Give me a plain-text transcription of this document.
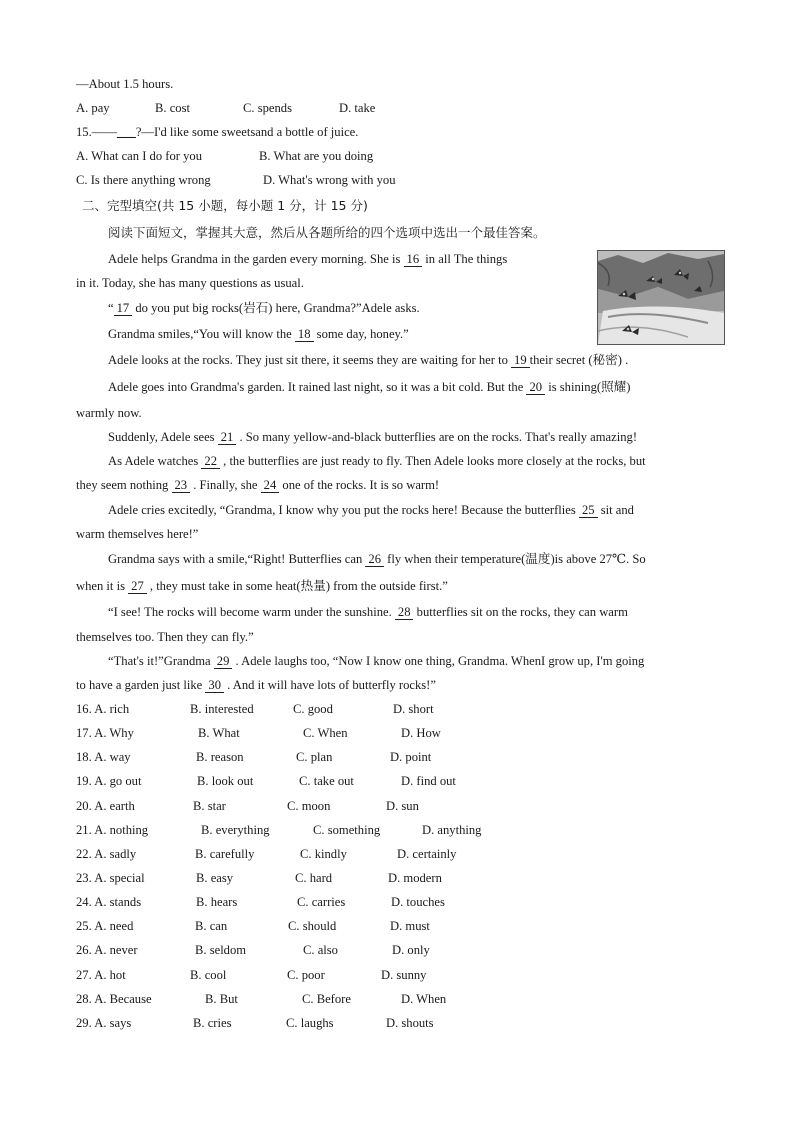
—About 1.5 hours.
A. pay	B. cost	C. spends	D. take
15.——___?—I'd like some sweetsand a bottle of juice.
A. What can I do for you	B. What are you doing
C. Is there anything wrong	D. What's wrong with you
二、完型填空(共 15 小题，每小题 1 分，计 15 分)
阅读下面短文，掌握其大意，然后从各题所给的四个选项中选出一个最佳答案。
Adele helps Grandma in the garden every morning. She is 16 in all The things
in it. Today, she has many questions as usual.
“ 17 do you put big rocks(岩石) here, Grandma?”Adele asks.
Grandma smiles,“You will know the 18 some day, honey.”
Adele looks at the rocks. They just sit there, it seems they are waiting for her to 19 their secret (秘密) .
Adele goes into Grandma's garden. It rained last night, so it was a bit cold. But the 20 is shining(照耀)
warmly now.
Suddenly, Adele sees 21 . So many yellow-and-black butterflies are on the rocks. That's really amazing!
As Adele watches 22 , the butterflies are just ready to fly. Then Adele looks more closely at the rocks, but
they seem nothing 23 . Finally, she 24 one of the rocks. It is so warm!
Adele cries excitedly, “Grandma, I know why you put the rocks here! Because the butterflies 25 sit and
warm themselves here!”
Grandma says with a smile,“Right! Butterflies can 26 fly when their temperature(温度)is above 27℃. So
when it is 27 , they must take in some heat(热量) from the outside first.”
“I see! The rocks will become warm under the sunshine. 28 butterflies sit on the rocks, they can warm
themselves too. Then they can fly.”
“That's it!”Grandma 29 . Adele laughs too, “Now I know one thing, Grandma. WhenI grow up, I'm going
to have a garden just like 30 . And it will have lots of butterfly rocks!”
16. A. rich	B. interested	C. good	D. short
17. A. Why	B. What	C. When	D. How
18. A. way	B. reason	C. plan	D. point
19. A. go out	B. look out	C. take out	D. find out
20. A. earth	B. star	C. moon	D. sun
21. A. nothing	B. everything	C. something	D. anything
22. A. sadly	B. carefully	C. kindly	D. certainly
23. A. special	B. easy	C. hard	D. modern
24. A. stands	B. hears	C. carries	D. touches
25. A. need	B. can	C. should	D. must
26. A. never	B. seldom	C. also	D. only
27. A. hot	B. cool	C. poor	D. sunny
28. A. Because	B. But	C. Before	D. When
29. A. says	B. cries	C. laughs	D. shouts
